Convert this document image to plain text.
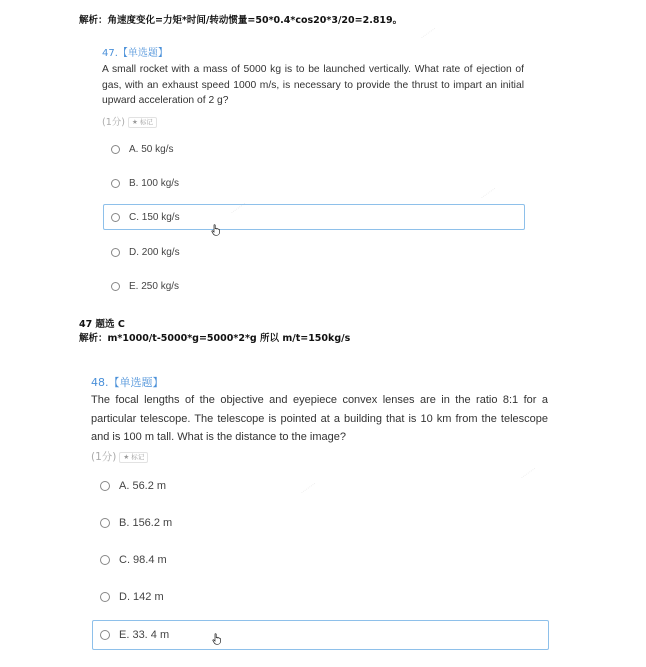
·········
·········
·········
·········
·········
解析：角速度变化=力矩*时间/转动惯量=50*0.4*cos20*3/20=2.819。
47.【单选题】
A small rocket with a mass of 5000 kg is to be launched vertically. What rate of ejection of gas, with an exhaust speed 1000 m/s, is necessary to provide the thrust to impart an initial upward acceleration of 2 g?
(1分) ★ 标记
A. 50 kg/s
B. 100 kg/s
C. 150 kg/s
D. 200 kg/s
E. 250 kg/s
47 题选 C
解析：m*1000/t-5000*g=5000*2*g 所以 m/t=150kg/s
48.【单选题】
The focal lengths of the objective and eyepiece convex lenses are in the ratio 8:1 for a particular telescope. The telescope is pointed at a building that is 10 km from the telescope and is 100 m tall. What is the distance to the image?
(1分) ★ 标记
A. 56.2 m
B. 156.2 m
C. 98.4 m
D. 142 m
E. 33. 4 m
